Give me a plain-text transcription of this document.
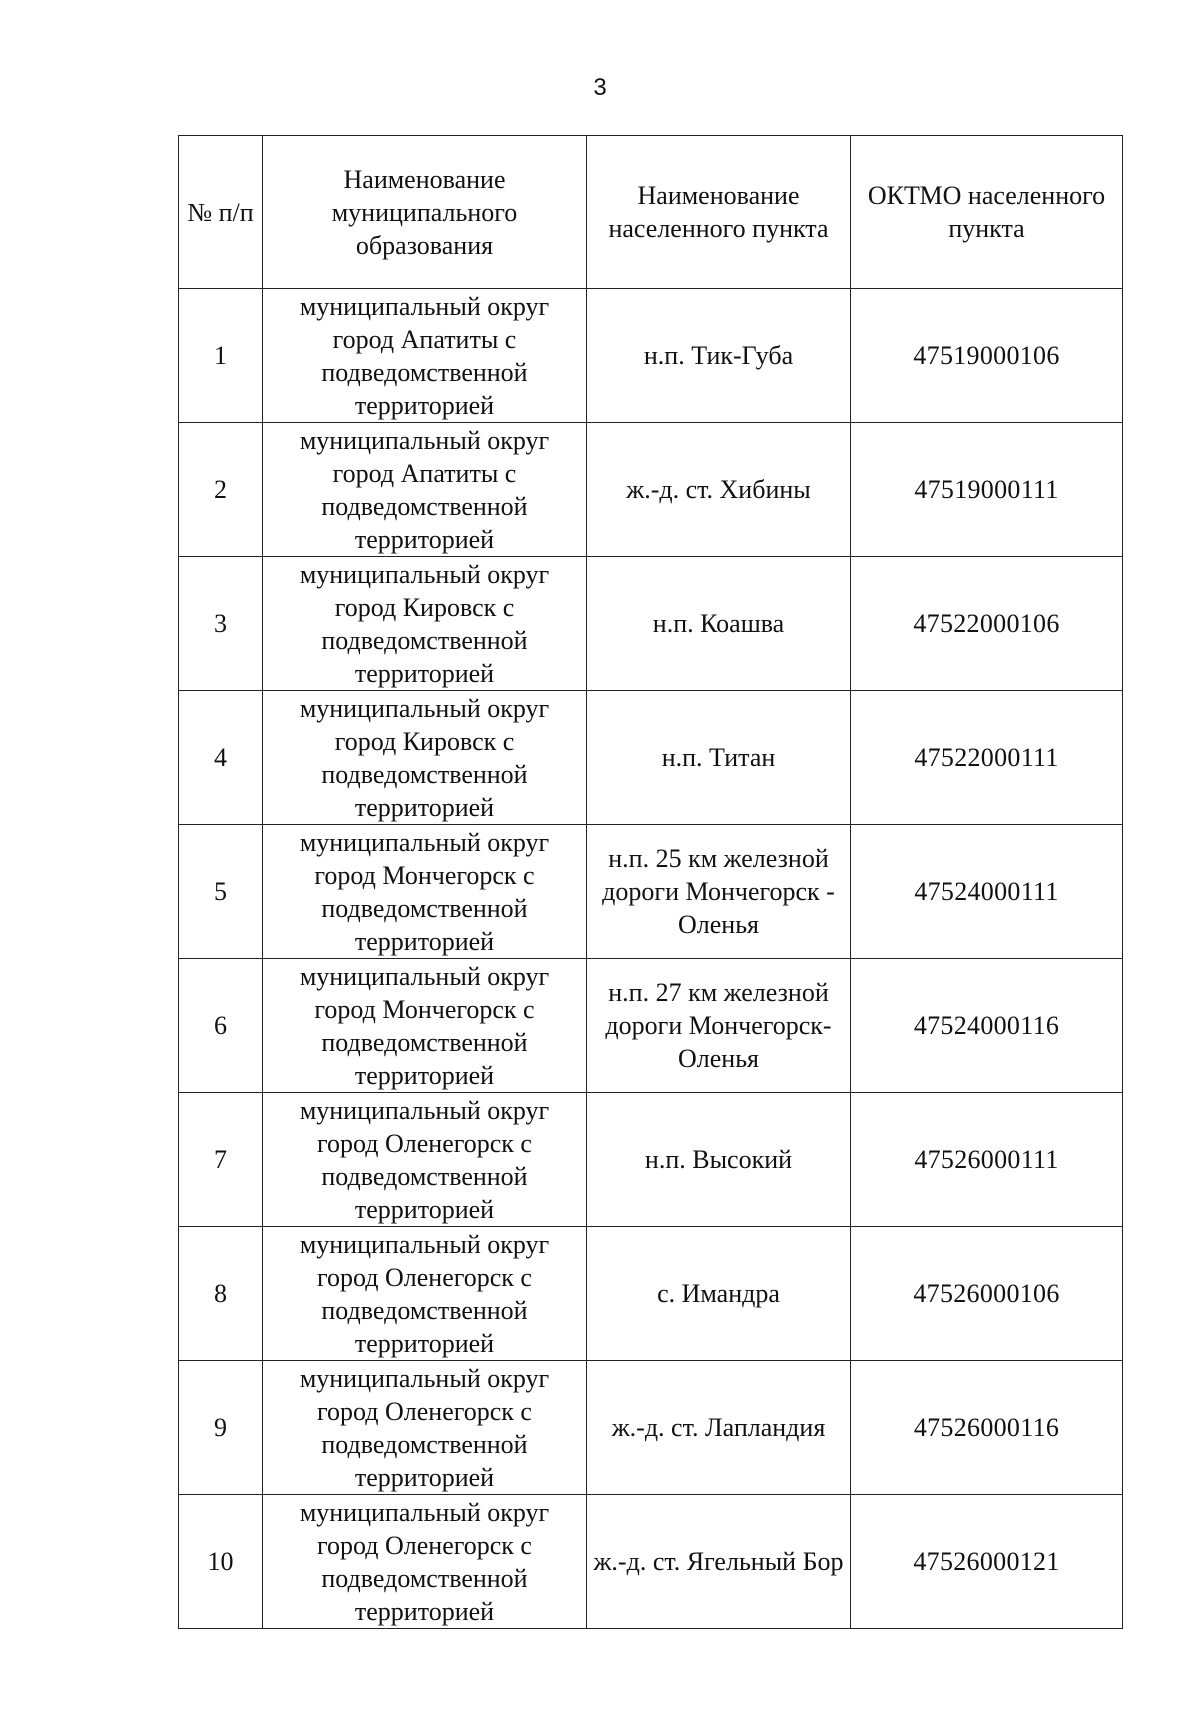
3
№ п/п	Наименование муниципального образования	Наименование населенного пункта	ОКТМО населенного пункта
1	муниципальный округ город Апатиты с подведомственной территорией	н.п. Тик-Губа	47519000106
2	муниципальный округ город Апатиты с подведомственной территорией	ж.-д. ст. Хибины	47519000111
3	муниципальный округ город Кировск с подведомственной территорией	н.п. Коашва	47522000106
4	муниципальный округ город Кировск с подведомственной территорией	н.п. Титан	47522000111
5	муниципальный округ город Мончегорск с подведомственной территорией	н.п. 25 км железной дороги Мончегорск - Оленья	47524000111
6	муниципальный округ город Мончегорск с подведомственной территорией	н.п. 27 км железной дороги Мончегорск-Оленья	47524000116
7	муниципальный округ город Оленегорск с подведомственной территорией	н.п. Высокий	47526000111
8	муниципальный округ город Оленегорск с подведомственной территорией	с. Имандра	47526000106
9	муниципальный округ город Оленегорск с подведомственной территорией	ж.-д. ст. Лапландия	47526000116
10	муниципальный округ город Оленегорск с подведомственной территорией	ж.-д. ст. Ягельный Бор	47526000121
